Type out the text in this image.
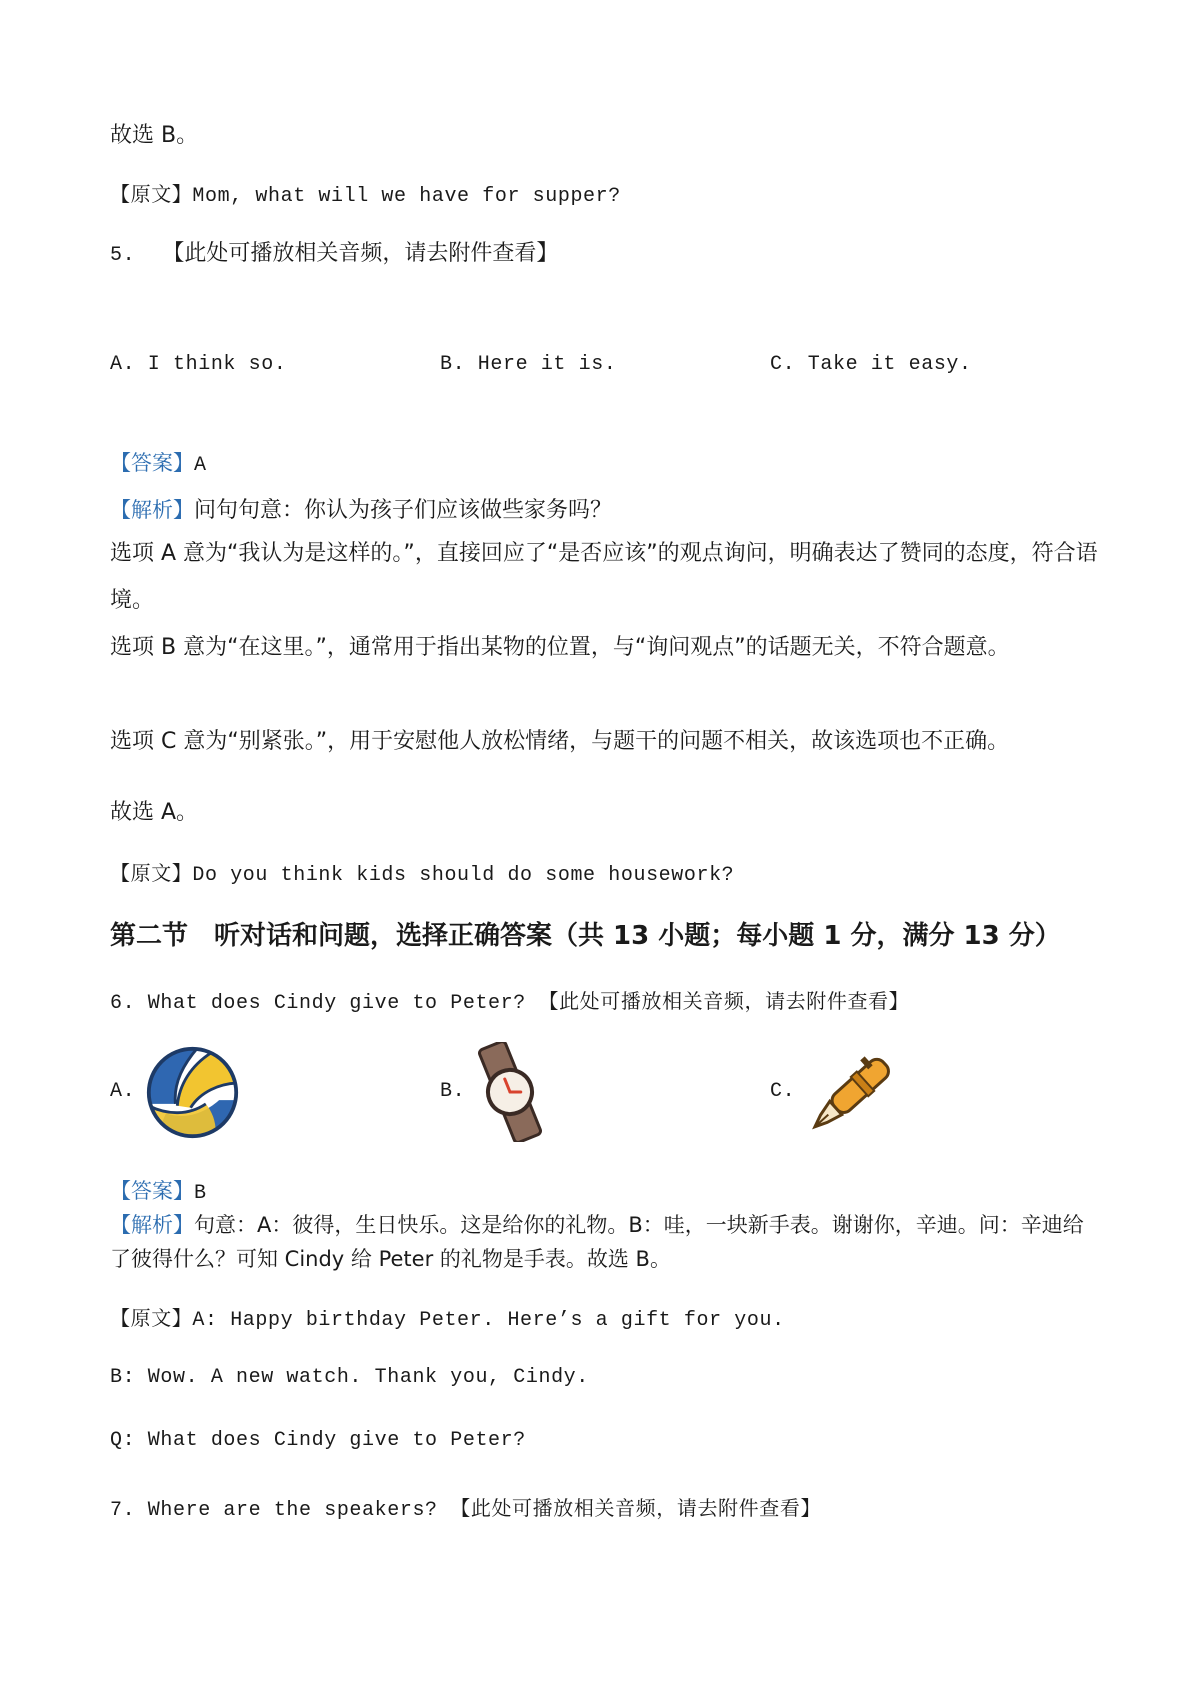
故选 B。
【原文】Mom, what will we have for supper?
5. 【此处可播放相关音频，请去附件查看】
A. I think so.	B. Here it is.	C. Take it easy.
【答案】A
【解析】问句句意：你认为孩子们应该做些家务吗？
选项 A 意为“我认为是这样的。”，直接回应了“是否应该”的观点询问，明确表达了赞同的态度，符合语境。
选项 B 意为“在这里。”，通常用于指出某物的位置，与“询问观点”的话题无关，不符合题意。
选项 C 意为“别紧张。”，用于安慰他人放松情绪，与题干的问题不相关，故该选项也不正确。
故选 A。
【原文】Do you think kids should do some housework?
第二节　听对话和问题，选择正确答案（共 13 小题；每小题 1 分，满分 13 分）
6. What does Cindy give to Peter? 【此处可播放相关音频，请去附件查看】
A.	B.	C.
【答案】B
【解析】句意：A：彼得，生日快乐。这是给你的礼物。B：哇，一块新手表。谢谢你，辛迪。问：辛迪给了彼得什么？可知 Cindy 给 Peter 的礼物是手表。故选 B。
【原文】A: Happy birthday Peter. Here’s a gift for you.
B: Wow. A new watch. Thank you, Cindy.
Q: What does Cindy give to Peter?
7. Where are the speakers? 【此处可播放相关音频，请去附件查看】
